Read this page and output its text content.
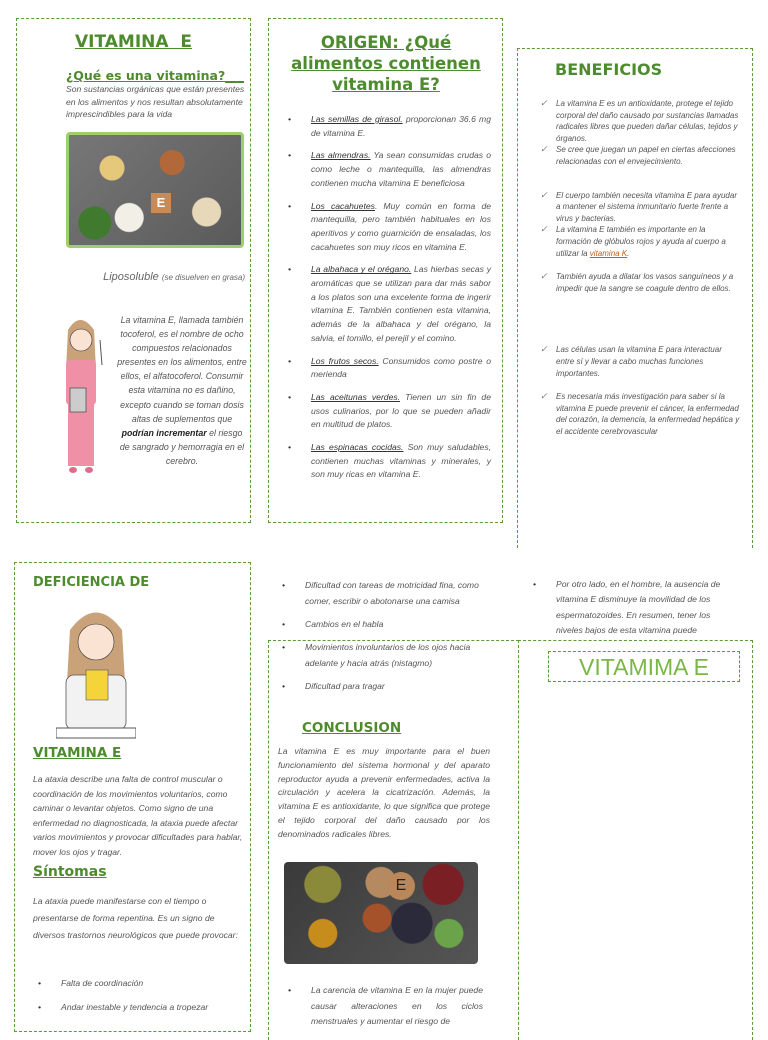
VITAMINA  E
¿Qué es una vitamina?___
Son sustancias orgánicas que están presentes en los alimentos y nos resultan absolutamente imprescindibles para la vida
E
Liposoluble (se disuelven en grasa)
La vitamina E, llamada también tocoferol, es el nombre de ocho compuestos relacionados presentes en los alimentos, entre ellos, el alfatocoferol. Consumir esta vitamina no es dañino, excepto cuando se toman dosis altas de suplementos que podrían incrementar el riesgo de sangrado y hemorragia en el cerebro.
ORIGEN: ¿Qué alimentos contienen vitamina E?
• Las semillas de girasol. proporcionan 36.6 mg de vitamina E.
• Las almendras. Ya sean consumidas crudas o como leche o mantequilla, las almendras contienen mucha vitamina E beneficiosa
• Los cacahuetes. Muy común en forma de mantequilla, pero también habituales en los aperitivos y como guarnición de ensaladas, los cacahuetes son muy ricos en vitamina E.
• La albahaca y el orégano. Las hierbas secas y aromáticas que se utilizan para dar más sabor a los platos son una excelente forma de ingerir vitamina E. También contienen esta vitamina, además de la albahaca y del orégano, la salvia, el tomillo, el perejil y el comino.
• Los frutos secos. Consumidos como postre o merienda
• Las aceitunas verdes. Tienen un sin fin de usos culinarios, por lo que se pueden añadir en multitud de platos.
• Las espinacas cocidas. Son muy saludables, contienen muchas vitaminas y minerales, y son muy ricas en vitamina E.
BENEFICIOS
✓ La vitamina E es un antioxidante, protege el tejido corporal del daño causado por sustancias llamadas radicales libres que pueden dañar células, tejidos y órganos.
✓ Se cree que juegan un papel en ciertas afecciones relacionadas con el envejecimiento.
✓ El cuerpo también necesita vitamina E para ayudar a mantener el sistema inmunitario fuerte frente a virus y bacterias.
✓ La vitamina E también es importante en la formación de glóbulos rojos y ayuda al cuerpo a utilizar la vitamina K.
✓ También ayuda a dilatar los vasos sanguíneos y a impedir que la sangre se coagule dentro de ellos.
✓ Las células usan la vitamina E para interactuar entre sí y llevar a cabo muchas funciones importantes.
✓ Es necesaria más investigación para saber si la vitamina E puede prevenir el cáncer, la enfermedad del corazón, la demencia, la enfermedad hepática y el accidente cerebrovascular
DEFICIENCIA DE
VITAMINA E
La ataxia describe una falta de control muscular o coordinación de los movimientos voluntarios, como caminar o levantar objetos. Como signo de una enfermedad no diagnosticada, la ataxia puede afectar varios movimientos y provocar dificultades para hablar, mover los ojos y tragar.
Síntomas
La ataxia puede manifestarse con el tiempo o presentarse de forma repentina. Es un signo de diversos trastornos neurológicos que puede provocar:
• Falta de coordinación
• Andar inestable y tendencia a tropezar
• Dificultad con tareas de motricidad fina, como comer, escribir o abotonarse una camisa
• Cambios en el habla
• Movimientos involuntarios de los ojos hacia adelante y hacia atrás (nistagmo)
• Dificultad para tragar
CONCLUSION
La vitamina E es muy importante para el buen funcionamiento del sistema hormonal y del aparato reproductor ayuda a prevenir enfermedades, activa la circulación y acelera la cicatrización. Además, la vitamina E es antioxidante, lo que significa que protege el tejido corporal del daño causado por los denominados radicales libres.
E
• La carencia de vitamina E en la mujer puede causar alteraciones en los ciclos menstruales y aumentar el riesgo de
• Por otro lado, en el hombre, la ausencia de vitamina E disminuye la movilidad de los espermatozoides. En resumen, tener los niveles bajos de esta vitamina puede
VITAMIMA E
